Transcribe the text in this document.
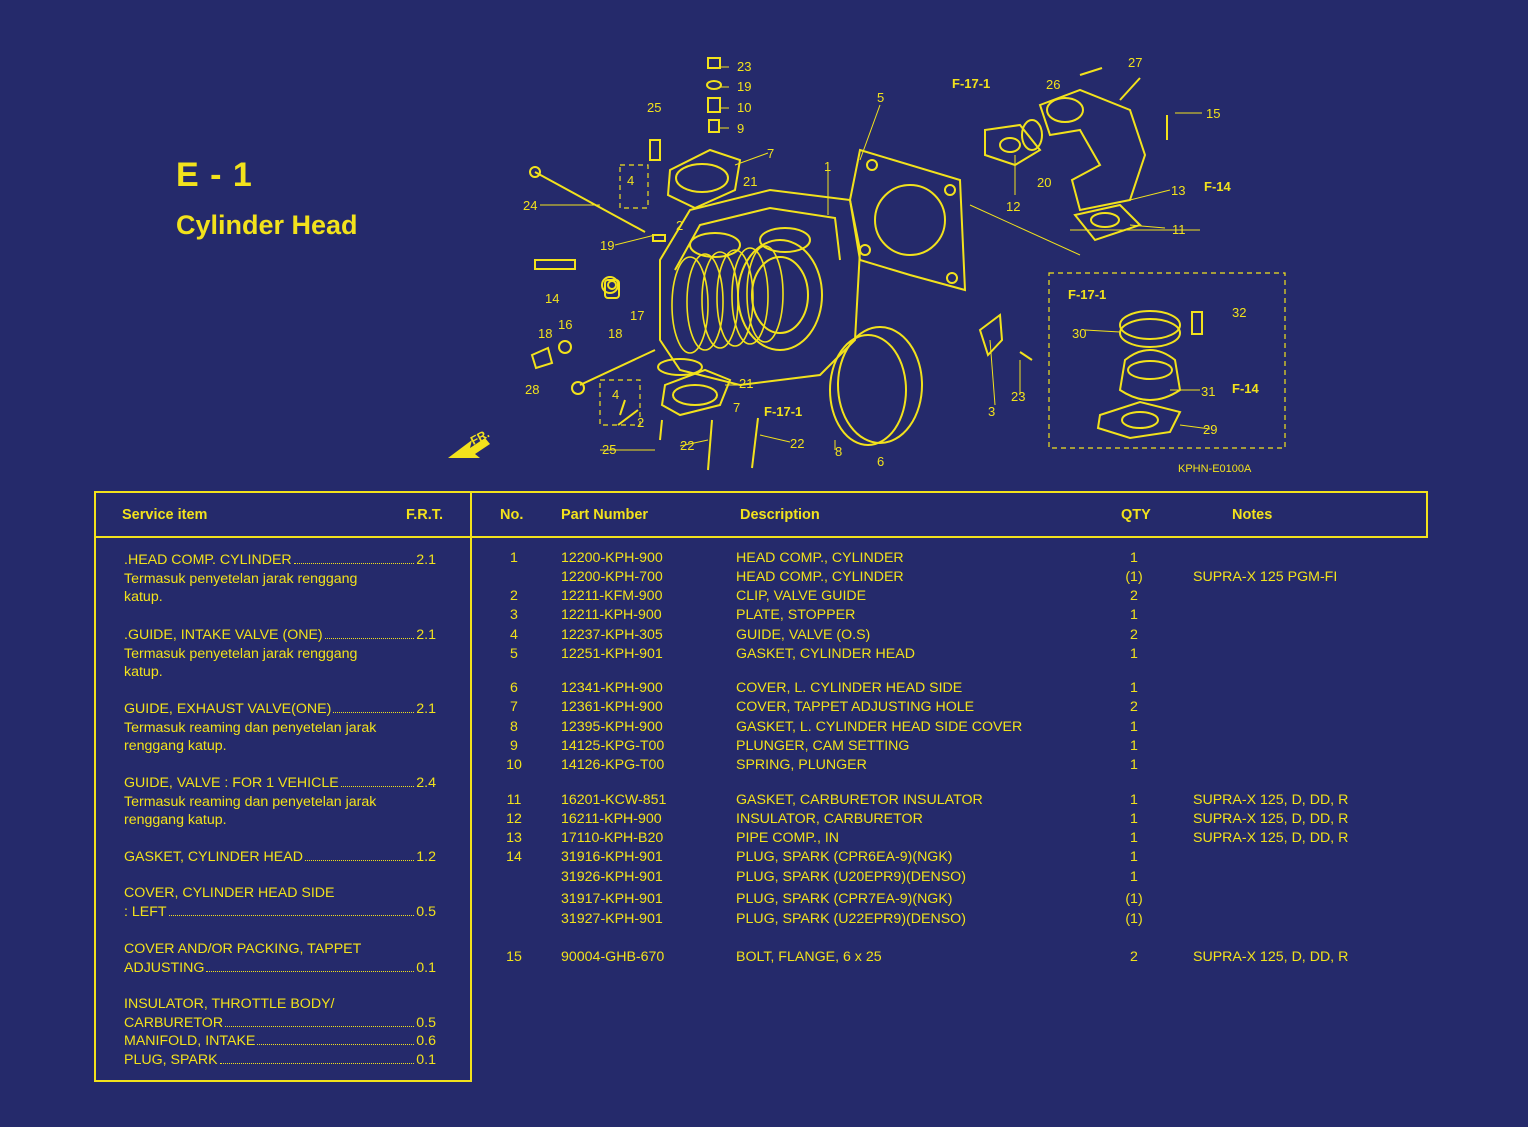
E - 1
Cylinder Head
FR.
23
19
10
9
25
7
5
1
21
4
2
24
19
14
17
18
16
18
28	21
4
7
2
25	22	22
8
6
F-17-1	3
23
F-17-1	26
27
15
20
12
13 F-14
11
F-17-1
32
30
31 F-14
29
KPHN-E0100A
Service item	F.R.T.	No.	Part Number	Description	QTY	Notes
.HEAD COMP. CYLINDER	2.1
Termasuk penyetelan jarak renggang katup.
.GUIDE, INTAKE VALVE (ONE)	2.1
Termasuk penyetelan jarak renggang katup.
GUIDE, EXHAUST VALVE(ONE)	2.1
Termasuk reaming dan penyetelan jarak renggang katup.
GUIDE, VALVE : FOR 1 VEHICLE	2.4
Termasuk reaming dan penyetelan jarak renggang katup.
GASKET, CYLINDER HEAD	1.2
COVER, CYLINDER HEAD SIDE
: LEFT	0.5
COVER AND/OR PACKING, TAPPET
ADJUSTING	0.1
INSULATOR, THROTTLE BODY/
CARBURETOR	0.5
MANIFOLD, INTAKE	0.6
PLUG, SPARK	0.1
1	12200-KPH-900	HEAD COMP., CYLINDER	1
12200-KPH-700	HEAD COMP., CYLINDER	(1)	SUPRA-X 125 PGM-FI
2	12211-KFM-900	CLIP, VALVE GUIDE	2
3	12211-KPH-900	PLATE, STOPPER	1
4	12237-KPH-305	GUIDE, VALVE (O.S)	2
5	12251-KPH-901	GASKET, CYLINDER HEAD	1
6	12341-KPH-900	COVER, L. CYLINDER HEAD SIDE	1
7	12361-KPH-900	COVER, TAPPET ADJUSTING HOLE	2
8	12395-KPH-900	GASKET, L. CYLINDER HEAD SIDE COVER	1
9	14125-KPG-T00	PLUNGER, CAM SETTING	1
10	14126-KPG-T00	SPRING, PLUNGER	1
11	16201-KCW-851	GASKET, CARBURETOR INSULATOR	1	SUPRA-X 125, D, DD, R
12	16211-KPH-900	INSULATOR, CARBURETOR	1	SUPRA-X 125, D, DD, R
13	17110-KPH-B20	PIPE COMP., IN	1	SUPRA-X 125, D, DD, R
14	31916-KPH-901	PLUG, SPARK (CPR6EA-9)(NGK)	1
31926-KPH-901	PLUG, SPARK (U20EPR9)(DENSO)	1
31917-KPH-901	PLUG, SPARK (CPR7EA-9)(NGK)	(1)
31927-KPH-901	PLUG, SPARK (U22EPR9)(DENSO)	(1)
15	90004-GHB-670	BOLT, FLANGE, 6 x 25	2	SUPRA-X 125, D, DD, R
